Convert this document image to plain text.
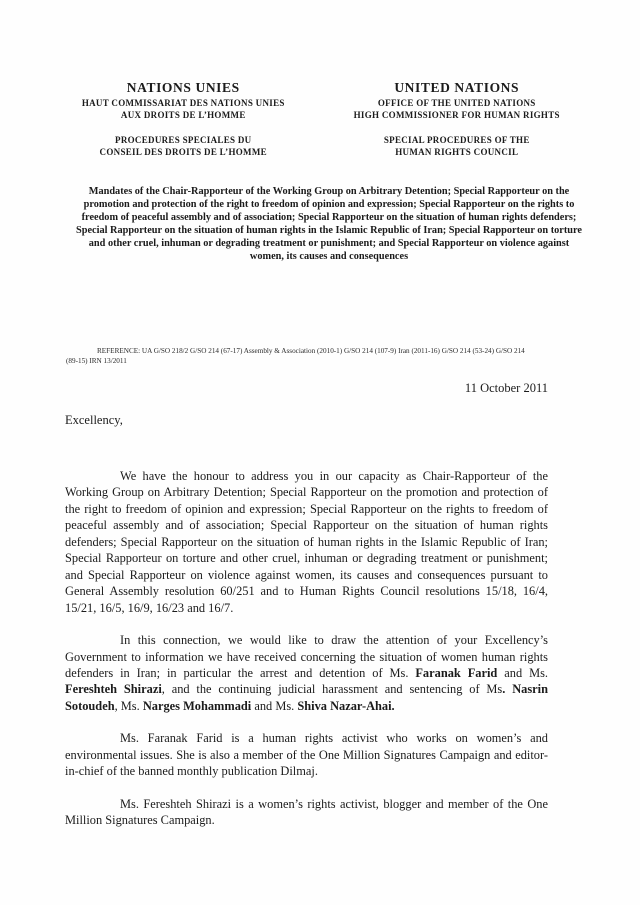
NATIONS UNIES
HAUT COMMISSARIAT DES NATIONS UNIES
AUX DROITS DE L’HOMME
PROCEDURES SPECIALES DU
CONSEIL DES DROITS DE L’HOMME
UNITED NATIONS
OFFICE OF THE UNITED NATIONS
HIGH COMMISSIONER FOR HUMAN RIGHTS
SPECIAL PROCEDURES OF THE
HUMAN RIGHTS COUNCIL
Mandates of the Chair-Rapporteur of the Working Group on Arbitrary Detention; Special Rapporteur on the promotion and protection of the right to freedom of opinion and expression; Special Rapporteur on the rights to freedom of peaceful assembly and of association; Special Rapporteur on the situation of human rights defenders; Special Rapporteur on the situation of human rights in the Islamic Republic of Iran; Special Rapporteur on torture and other cruel, inhuman or degrading treatment or punishment; and Special Rapporteur on violence against women, its causes and consequences
REFERENCE: UA G/SO 218/2 G/SO 214 (67-17) Assembly & Association (2010-1) G/SO 214 (107-9) Iran (2011-16) G/SO 214 (53-24) G/SO 214
(89-15) IRN 13/2011
11 October 2011
Excellency,

We have the honour to address you in our capacity as Chair-Rapporteur of the Working Group on Arbitrary Detention; Special Rapporteur on the promotion and protection of the right to freedom of opinion and expression; Special Rapporteur on the rights to freedom of peaceful assembly and of association; Special Rapporteur on the situation of human rights defenders; Special Rapporteur on the situation of human rights in the Islamic Republic of Iran; Special Rapporteur on torture and other cruel, inhuman or degrading treatment or punishment; and Special Rapporteur on violence against women, its causes and consequences pursuant to General Assembly resolution 60/251 and to Human Rights Council resolutions 15/18, 16/4, 15/21, 16/5, 16/9, 16/23 and 16/7.

In this connection, we would like to draw the attention of your Excellency’s Government to information we have received concerning the situation of women human rights defenders in Iran; in particular the arrest and detention of Ms. Faranak Farid and Ms. Fereshteh Shirazi, and the continuing judicial harassment and sentencing of Ms. Nasrin Sotoudeh, Ms. Narges Mohammadi and Ms. Shiva Nazar-Ahai.

Ms. Faranak Farid is a human rights activist who works on women’s and environmental issues. She is also a member of the One Million Signatures Campaign and editor-in-chief of the banned monthly publication Dilmaj.

Ms. Fereshteh Shirazi is a women’s rights activist, blogger and member of the One Million Signatures Campaign.
